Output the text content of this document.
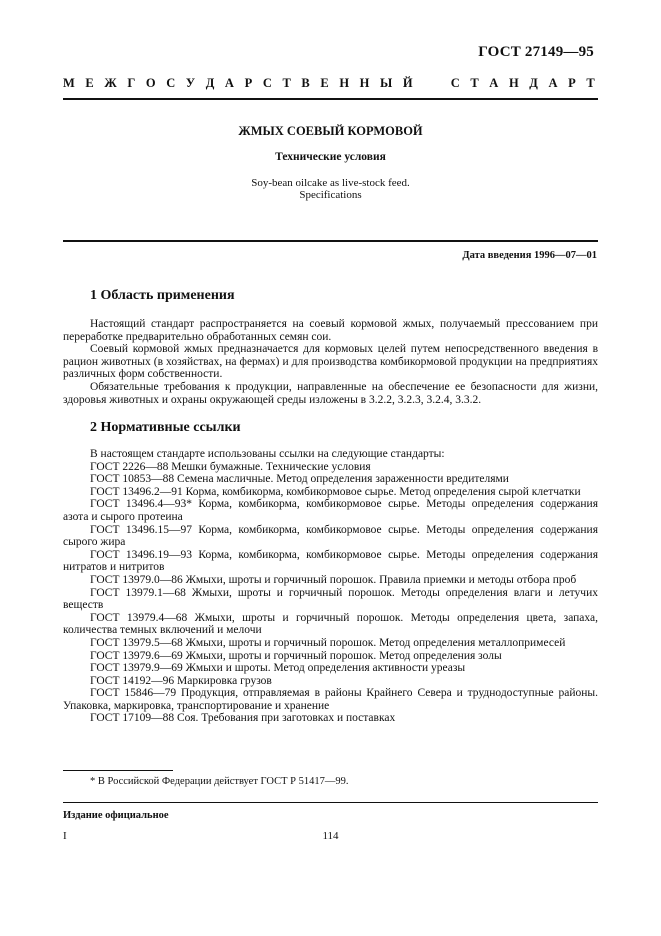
ГОСТ 27149—95
М Е Ж Г О С У Д А Р С Т В Е Н Н Ы Й

	С Т А Н Д А Р Т
ЖМЫХ СОЕВЫЙ КОРМОВОЙ
Технические условия
Soy-bean oilcake as live-stock feed.
Specifications
Дата введения 1996—07—01
1 Область применения

Настоящий стандарт распространяется на соевый кормовой жмых, получаемый прессованием при переработке предварительно обработанных семян сои.

Соевый кормовой жмых предназначается для кормовых целей путем непосредственного введения в рацион животных (в хозяйствах, на фермах) и для производства комбикормовой продукции на предприятиях различных форм собственности.

Обязательные требования к продукции, направленные на обеспечение ее безопасности для жизни, здоровья животных и охраны окружающей среды изложены в 3.2.2, 3.2.3, 3.2.4, 3.3.2.

2 Нормативные ссылки

В настоящем стандарте использованы ссылки на следующие стандарты:

ГОСТ 2226—88 Мешки бумажные. Технические условия

ГОСТ 10853—88 Семена масличные. Метод определения зараженности вредителями

ГОСТ 13496.2—91 Корма, комбикорма, комбикормовое сырье. Метод определения сырой клетчатки

ГОСТ 13496.4—93* Корма, комбикорма, комбикормовое сырье. Методы определения содержания азота и сырого протеина

ГОСТ 13496.15—97 Корма, комбикорма, комбикормовое сырье. Методы определения содержания сырого жира

ГОСТ 13496.19—93 Корма, комбикорма, комбикормовое сырье. Методы определения содержания нитратов и нитритов

ГОСТ 13979.0—86 Жмыхи, шроты и горчичный порошок. Правила приемки и методы отбора проб

ГОСТ 13979.1—68 Жмыхи, шроты и горчичный порошок. Методы определения влаги и летучих веществ

ГОСТ 13979.4—68 Жмыхи, шроты и горчичный порошок. Методы определения цвета, запаха, количества темных включений и мелочи

ГОСТ 13979.5—68 Жмыхи, шроты и горчичный порошок. Метод определения металлопримесей

ГОСТ 13979.6—69 Жмыхи, шроты и горчичный порошок. Метод определения золы

ГОСТ 13979.9—69 Жмыхи и шроты. Метод определения активности уреазы

ГОСТ 14192—96 Маркировка грузов

ГОСТ 15846—79 Продукция, отправляемая в районы Крайнего Севера и труднодоступные районы. Упаковка, маркировка, транспортирование и хранение

ГОСТ 17109—88 Соя. Требования при заготовках и поставках

* В Российской Федерации действует ГОСТ Р 51417—99.
Издание официальное
I	114
